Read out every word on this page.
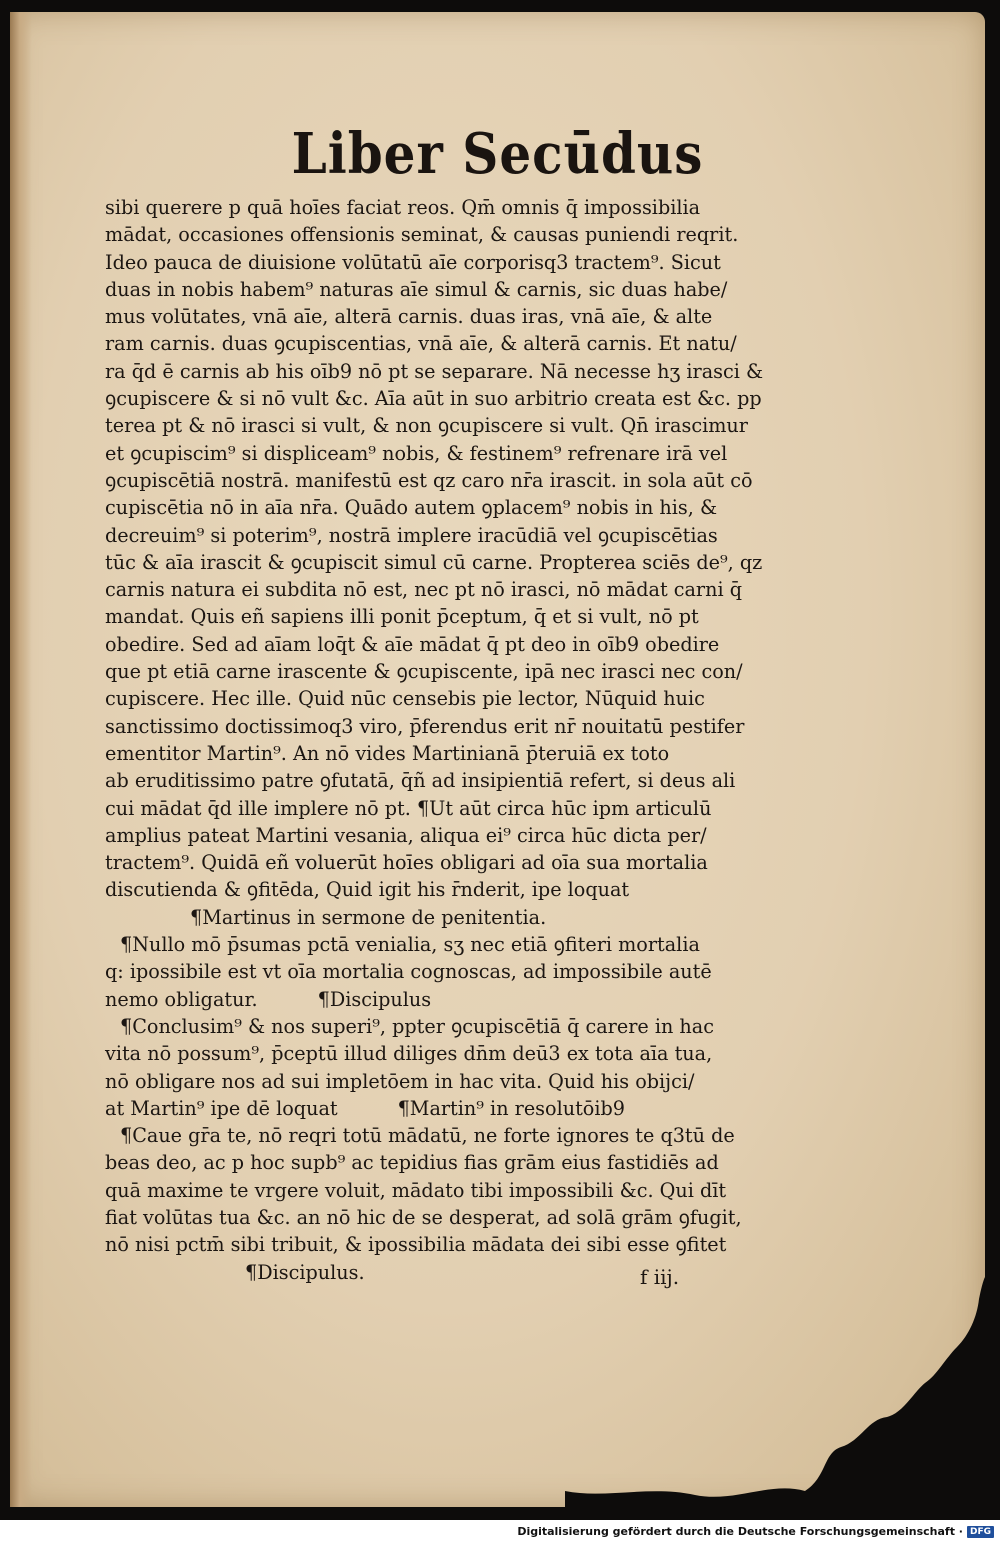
Liber Secūdus
sibi querere p quā hoīes faciat reos. Qm̄ omnis q̄ impossibilia
mādat, occasiones offensionis seminat, & causas puniendi reqrit.
Ideo pauca de diuisione volūtatū aīe corporisq3 tractem⁹. Sicut
duas in nobis habem⁹ naturas aīe simul & carnis, sic duas habe/
mus volūtates, vnā aīe, alterā carnis. duas iras, vnā aīe, & alte
ram carnis. duas ꝯcupiscentias, vnā aīe, & alterā carnis. Et natu/
ra q̄d ē carnis ab his oīb9 nō pt se separare. Nā necesse hʒ irasci &
ꝯcupiscere & si nō vult &c. Aīa aūt in suo arbitrio creata est &c. pp
terea pt & nō irasci si vult, & non ꝯcupiscere si vult. Qn̄ irascimur
et ꝯcupiscim⁹ si displiceam⁹ nobis, & festinem⁹ refrenare irā vel
ꝯcupiscētiā nostrā. manifestū est qz caro nr̄a irascit. in sola aūt cō
cupiscētia nō in aīa nr̄a. Quādo autem ꝯplacem⁹ nobis in his, &
decreuim⁹ si poterim⁹, nostrā implere iracūdiā vel ꝯcupiscētias
tūc & aīa irascit & ꝯcupiscit simul cū carne. Propterea sciēs de⁹, qz
carnis natura ei subdita nō est, nec pt nō irasci, nō mādat carni q̄
mandat. Quis eñ sapiens illi ponit p̄ceptum, q̄ et si vult, nō pt
obedire. Sed ad aīam loq̄t & aīe mādat q̄ pt deo in oīb9 obedire
que pt etiā carne irascente & ꝯcupiscente, ipā nec irasci nec con/
cupiscere. Hec ille. Quid nūc censebis pie lector, Nūquid huic
sanctissimo doctissimoq3 viro, p̄ferendus erit nr̄ nouitatū pestifer
ementitor Martin⁹. An nō vides Martinianā p̄teruiā ex toto
ab eruditissimo patre ꝯfutatā, q̄ñ ad insipientiā refert, si deus ali
cui mādat q̄d ille implere nō pt. ¶Ut aūt circa hūc ipm articulū
amplius pateat Martini vesania, aliqua ei⁹ circa hūc dicta per/
tractem⁹. Quidā eñ voluerūt hoīes obligari ad oīa sua mortalia
discutienda & ꝯfitēda, Quid igit his r̄nderit, ipe loquat
¶Martinus in sermone de penitentia.
¶Nullo mō p̄sumas pctā venialia, sʒ nec etiā ꝯfiteri mortalia
q: ipossibile est vt oīa mortalia cognoscas, ad impossibile autē
nemo obligatur.	¶Discipulus
¶Conclusim⁹ & nos superi⁹, ppter ꝯcupiscētiā q̄ carere in hac
vita nō possum⁹, p̄ceptū illud diliges dn̄m deū3 ex tota aīa tua,
nō obligare nos ad sui impletōem in hac vita. Quid his obijci/
at Martin⁹ ipe dē loquat	¶Martin⁹ in resolutōib9
¶Caue gr̄a te, nō reqri totū mādatū, ne forte ignores te q3tū de
beas deo, ac p hoc supb⁹ ac tepidius fias grām eius fastidiēs ad
quā maxime te vrgere voluit, mādato tibi impossibili &c. Qui dīt
fiat volūtas tua &c. an nō hic de se desperat, ad solā grām ꝯfugit,
nō nisi pctm̄ sibi tribuit, & ipossibilia mādata dei sibi esse ꝯfitet
¶Discipulus.	f iij.
Digitalisierung gefördert durch die Deutsche Forschungsgemeinschaft · DFG
